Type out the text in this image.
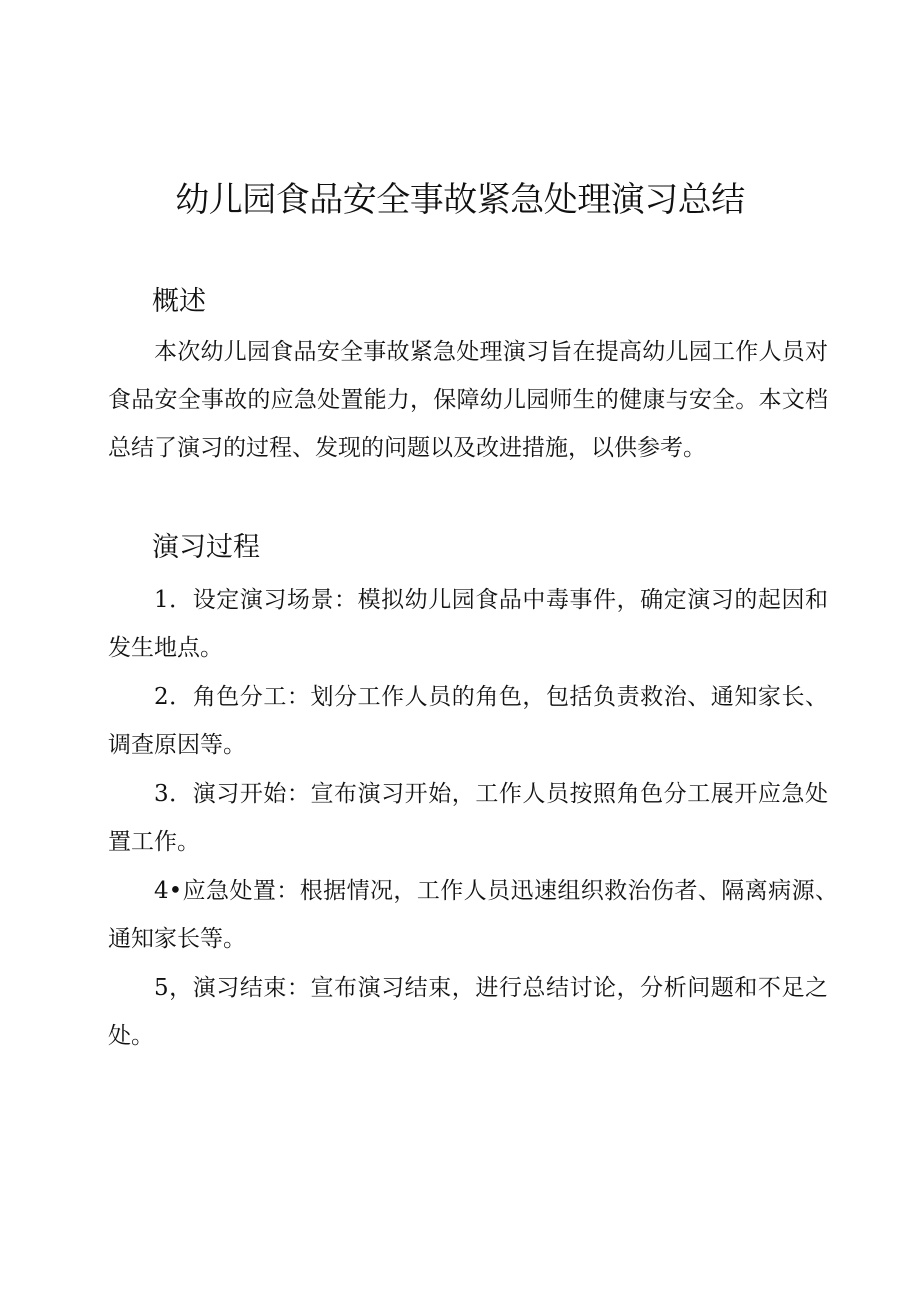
幼儿园食品安全事故紧急处理演习总结
概述

本次幼儿园食品安全事故紧急处理演习旨在提高幼儿园工作人员对食品安全事故的应急处置能力，保障幼儿园师生的健康与安全。本文档总结了演习的过程、发现的问题以及改进措施，以供参考。

演习过程

1．设定演习场景：模拟幼儿园食品中毒事件，确定演习的起因和发生地点。

2．角色分工：划分工作人员的角色，包括负责救治、通知家长、调查原因等。

3．演习开始：宣布演习开始，工作人员按照角色分工展开应急处置工作。

4•应急处置：根据情况，工作人员迅速组织救治伤者、隔离病源、通知家长等。

5，演习结束：宣布演习结束，进行总结讨论，分析问题和不足之处。
